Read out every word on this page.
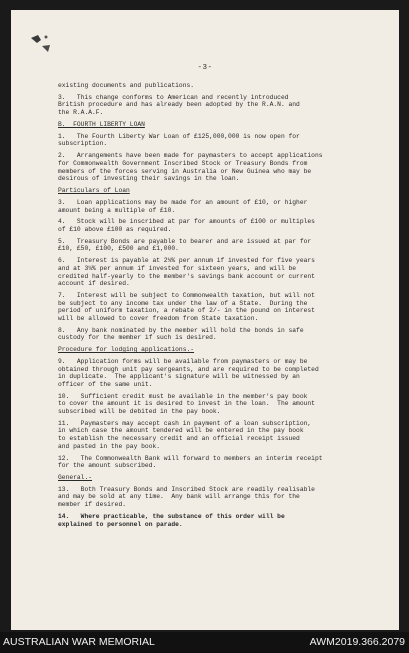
-3-
existing documents and publications.
3.   This change conforms to American and recently introduced
British procedure and has already been adopted by the R.A.N. and
the R.A.A.F.
B.  FOURTH LIBERTY LOAN
1.   The Fourth Liberty War Loan of £125,000,000 is now open for
subscription.
2.   Arrangements have been made for paymasters to accept applications
for Commonwealth Government Inscribed Stock or Treasury Bonds from
members of the forces serving in Australia or New Guinea who may be
desirous of investing their savings in the loan.
Particulars of Loan
3.   Loan applications may be made for an amount of £10, or higher
amount being a multiple of £10.
4.   Stock will be inscribed at par for amounts of £100 or multiples
of £10 above £100 as required.
5.   Treasury Bonds are payable to bearer and are issued at par for
£10, £50, £100, £500 and £1,000.
6.   Interest is payable at 2¼% per annum if invested for five years
and at 3¼% per annum if invested for sixteen years, and will be
credited half-yearly to the member's savings bank account or current
account if desired.
7.   Interest will be subject to Commonwealth taxation, but will not
be subject to any income tax under the law of a State.  During the
period of uniform taxation, a rebate of 2/- in the pound on interest
will be allowed to cover freedom from State taxation.
8.   Any bank nominated by the member will hold the bonds in safe
custody for the member if such is desired.
Procedure for lodging applications.-
9.   Application forms will be available from paymasters or may be
obtained through unit pay sergeants, and are required to be completed
in duplicate.  The applicant's signature will be witnessed by an
officer of the same unit.
10.   Sufficient credit must be available in the member's pay book
to cover the amount it is desired to invest in the loan.  The amount
subscribed will be debited in the pay book.
11.   Paymasters may accept cash in payment of a loan subscription,
in which case the amount tendered will be entered in the pay book
to establish the necessary credit and an official receipt issued
and pasted in the pay book.
12.   The Commonwealth Bank will forward to members an interim receipt
for the amount subscribed.
General.-
13.   Both Treasury Bonds and Inscribed Stock are readily realisable
and may be sold at any time.  Any bank will arrange this for the
member if desired.
14.   Where practicable, the substance of this order will be
explained to personnel on parade.
AUSTRALIAN WAR MEMORIAL	AWM2019.366.2079
